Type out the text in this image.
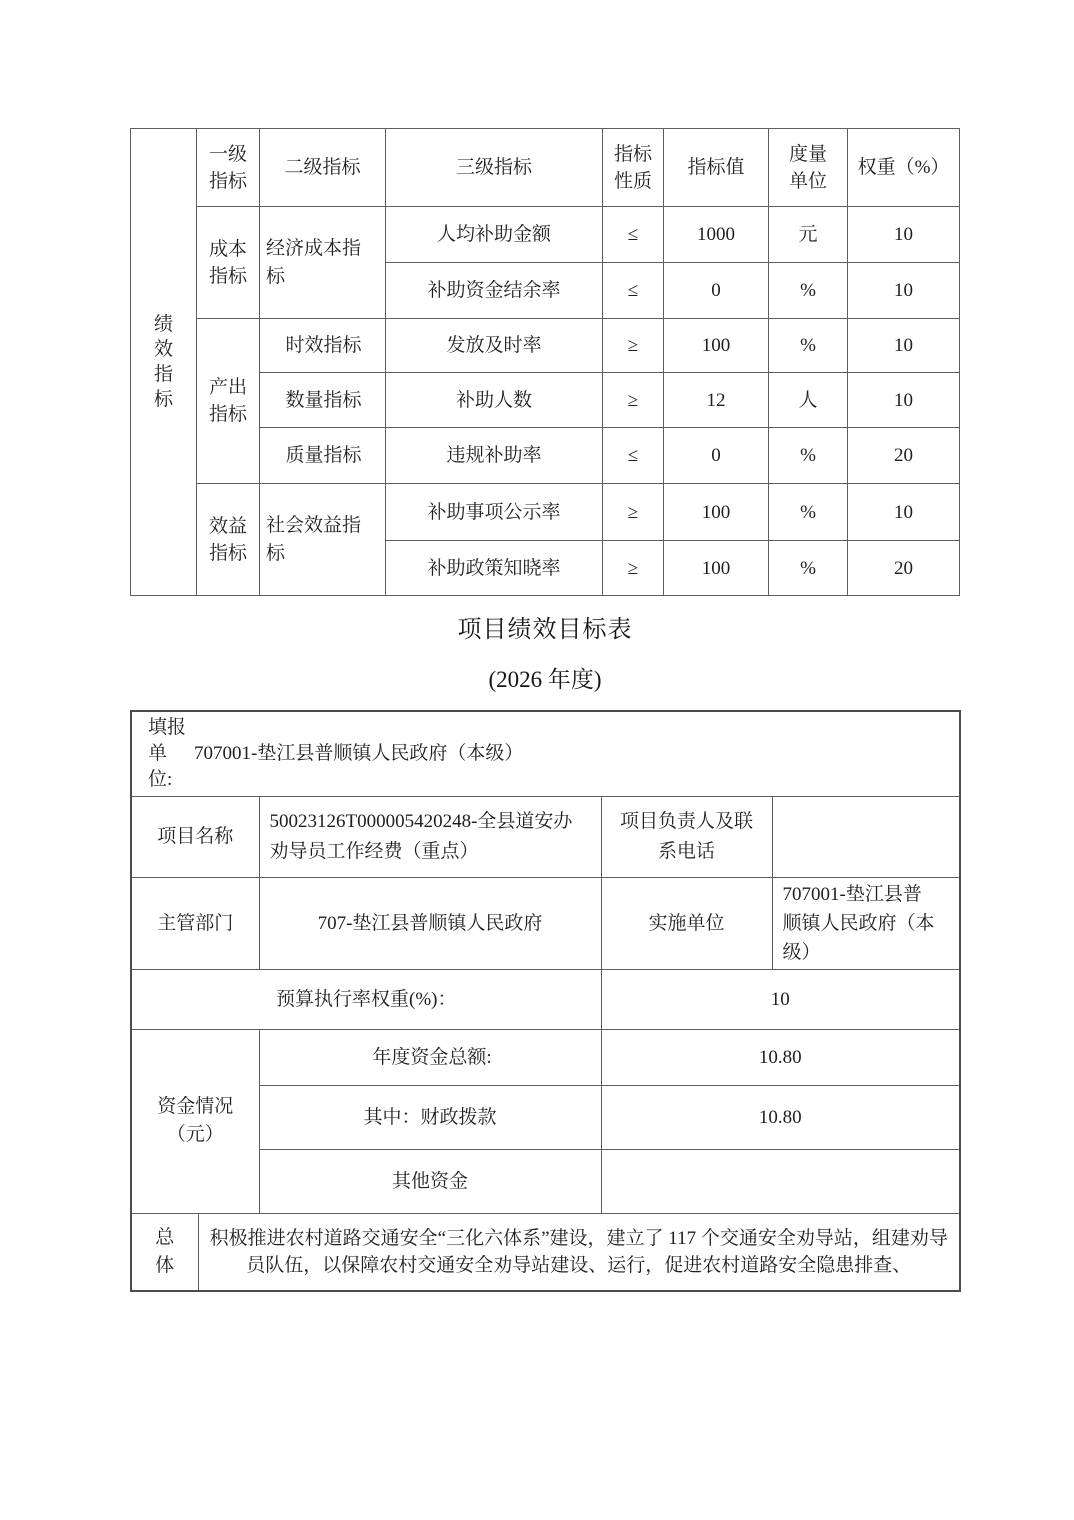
绩效指标	一级指标	二级指标	三级指标	指标性质	指标值	度量单位	权重（%）

	成本指标	经济成本指标	人均补助金额	≤	1000	元	10
			补助资金结余率	≤	0	%	10

	产出指标	时效指标	发放及时率	≥	100	%	10
		数量指标	补助人数	≥	12	人	10
		质量指标	违规补助率	≤	0	%	20

	效益指标	社会效益指标	补助事项公示率	≥	100	%	10
			补助政策知晓率	≥	100	%	20
项目绩效目标表
(2026 年度)
填报单位:
707001-垫江县普顺镇人民政府（本级）				

项目名称		50023126T000005420248-全县道安办劝导员工作经费（重点）	项目负责人及联系电话	

主管部门		707-垫江县普顺镇人民政府	实施单位	707001-垫江县普顺镇人民政府（本级）

预算执行率权重(%)：			10	

资金情况（元）		年度资金总额:	10.80	
		其中：财政拨款	10.80	
		其他资金		

总体	积极推进农村道路交通安全“三化六体系”建设，建立了 117 个交通安全劝导站，组建劝导员队伍，以保障农村交通安全劝导站建设、运行，促进农村道路安全隐患排查、			
